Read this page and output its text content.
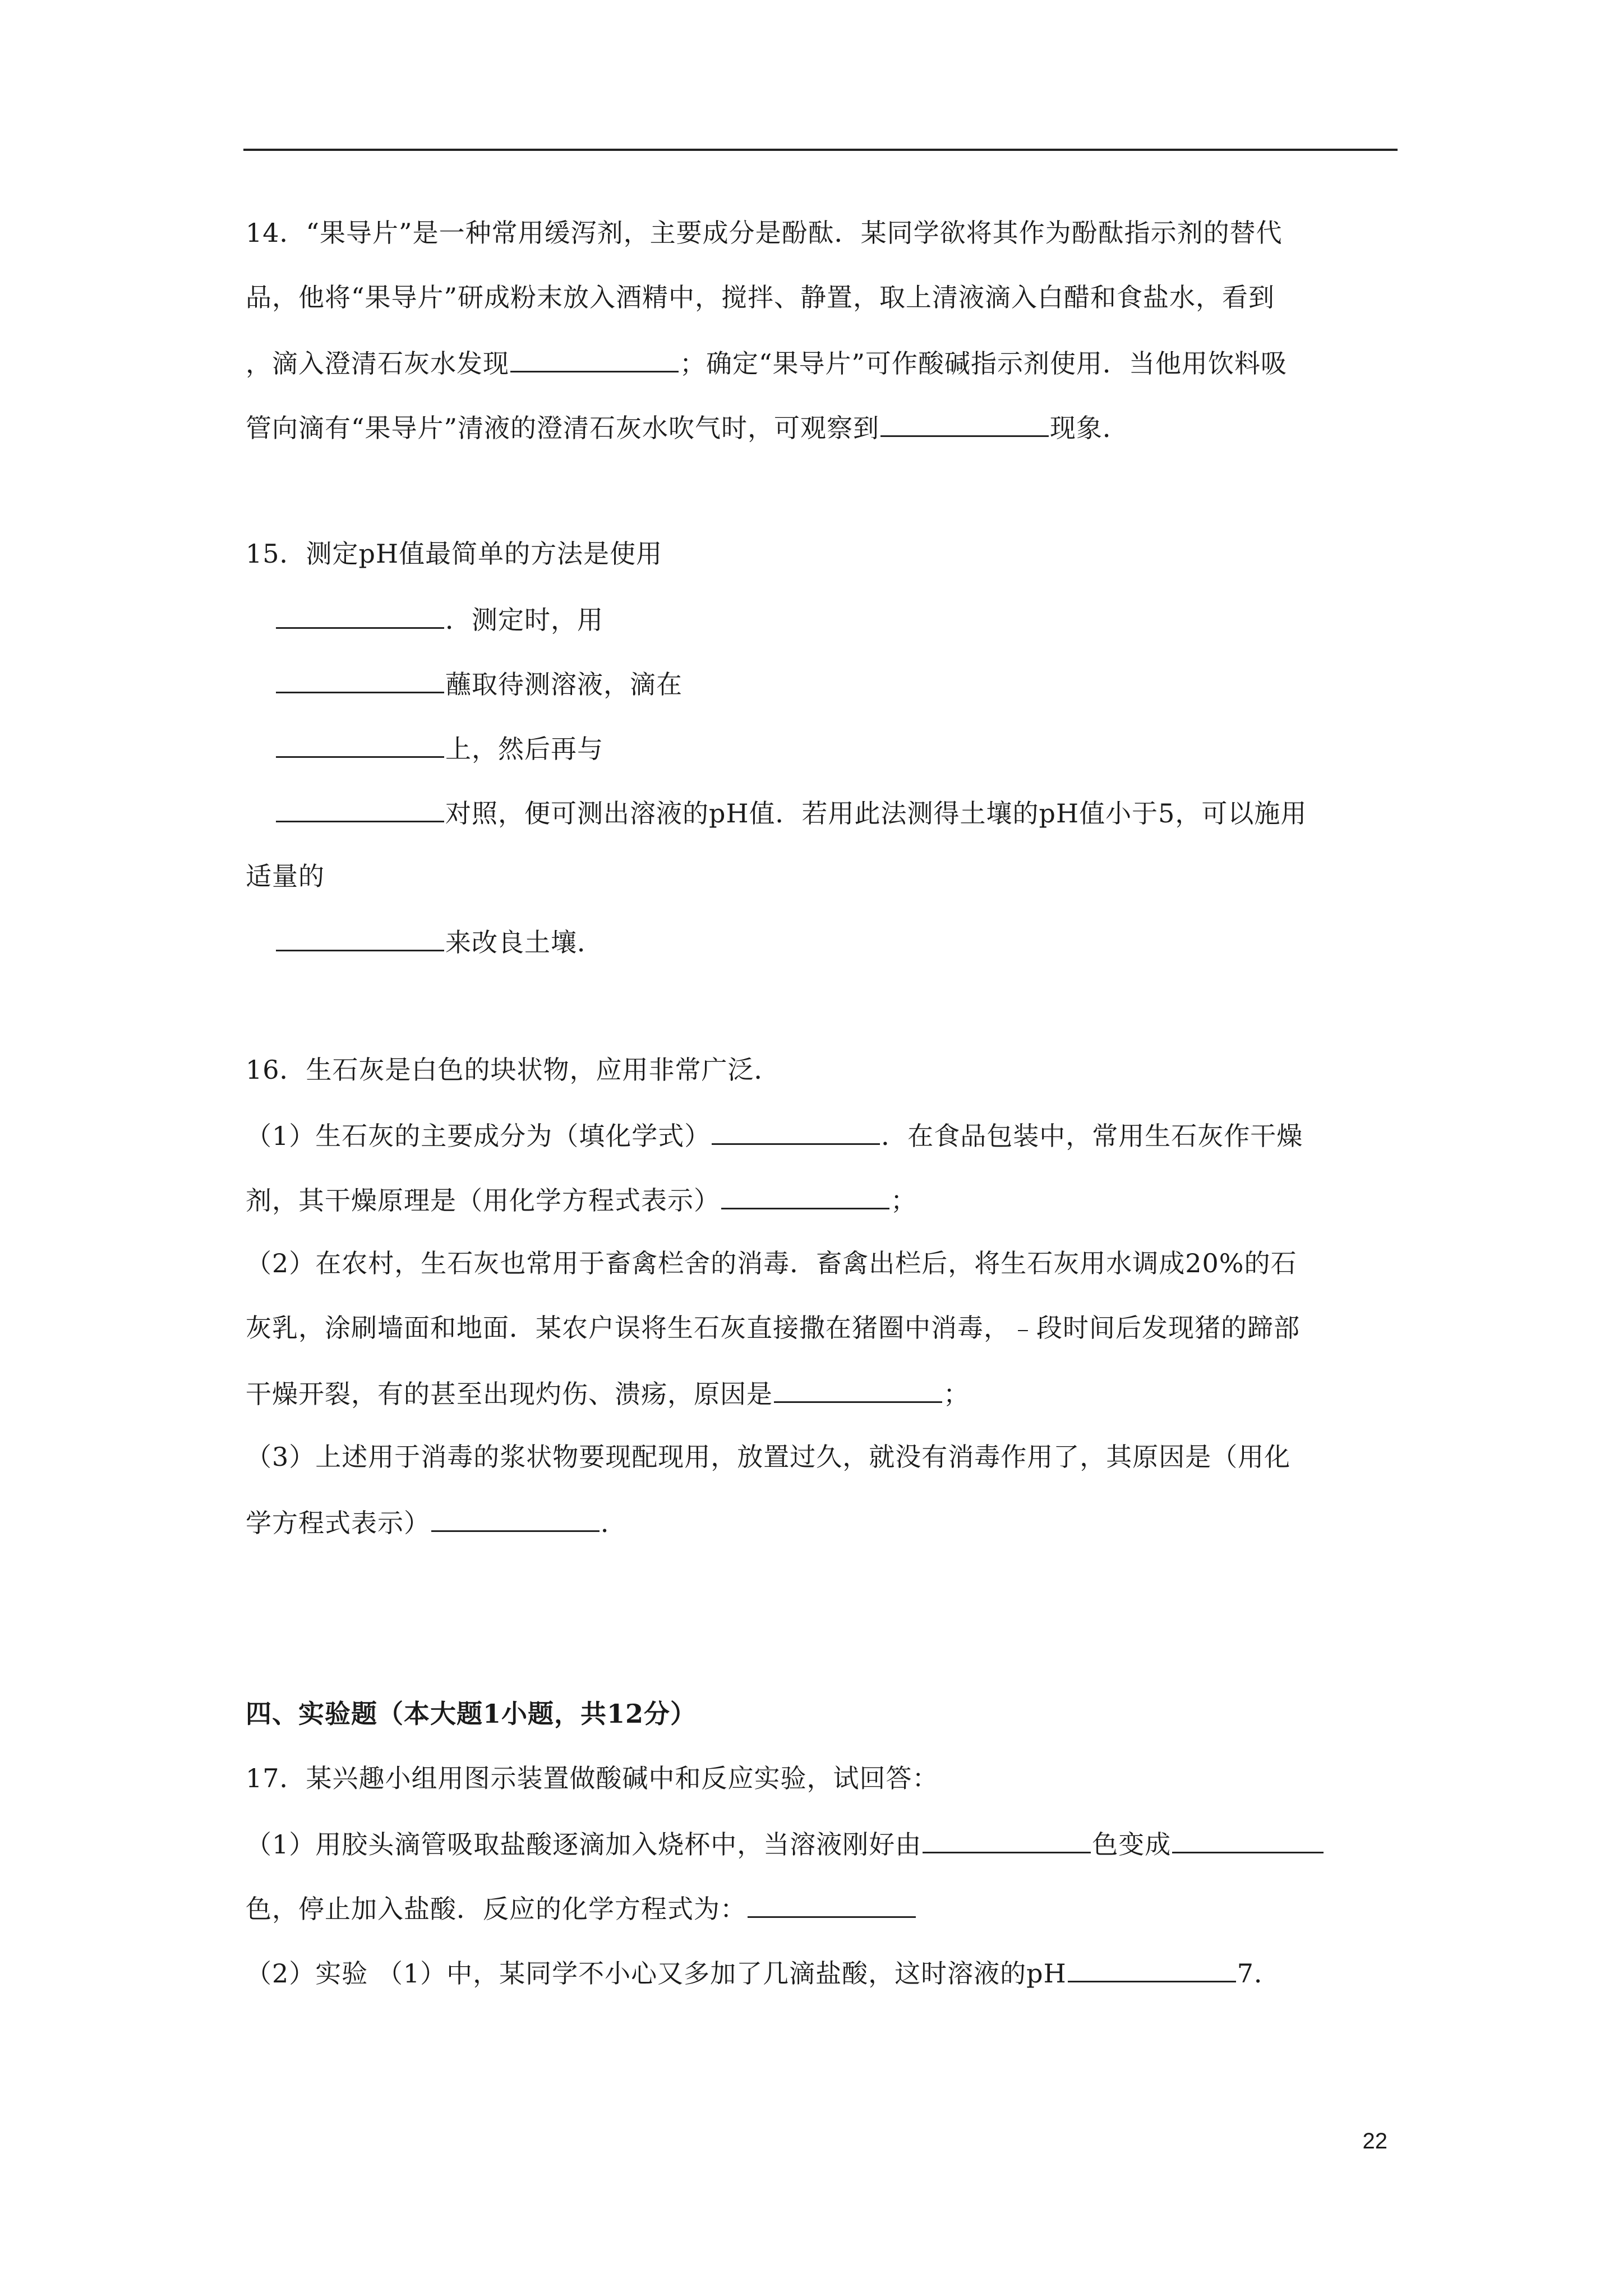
14．“果导片”是一种常用缓泻剂，主要成分是酚酞．某同学欲将其作为酚酞指示剂的替代

品，他将“果导片”研成粉末放入酒精中，搅拌、静置，取上清液滴入白醋和食盐水，看到

，滴入澄清石灰水发现	；确定“果导片”可作酸碱指示剂使用．当他用饮料吸

管向滴有“果导片”清液的澄清石灰水吹气时，可观察到	现象．

15．测定pH值最简单的方法是使用

．测定时，用

蘸取待测溶液，滴在

上，然后再与

对照，便可测出溶液的pH值．若用此法测得土壤的pH值小于5，可以施用

适量的

来改良土壤．

16．生石灰是白色的块状物，应用非常广泛．

（1）生石灰的主要成分为（填化学式）	．在食品包装中，常用生石灰作干燥

剂，其干燥原理是（用化学方程式表示）	；

（2）在农村，生石灰也常用于畜禽栏舍的消毒．畜禽出栏后，将生石灰用水调成20%的石

灰乳，涂刷墙面和地面．某农户误将生石灰直接撒在猪圈中消毒，﹣段时间后发现猪的蹄部

干燥开裂，有的甚至出现灼伤、溃疡，原因是	；

（3）上述用于消毒的浆状物要现配现用，放置过久，就没有消毒作用了，其原因是（用化

学方程式表示）	．

四、实验题（本大题1小题，共12分）

17．某兴趣小组用图示装置做酸碱中和反应实验，试回答：

（1）用胶头滴管吸取盐酸逐滴加入烧杯中，当溶液刚好由	色变成

色，停止加入盐酸．反应的化学方程式为：

（2）实验 （1）中，某同学不小心又多加了几滴盐酸，这时溶液的pH	7．

22
